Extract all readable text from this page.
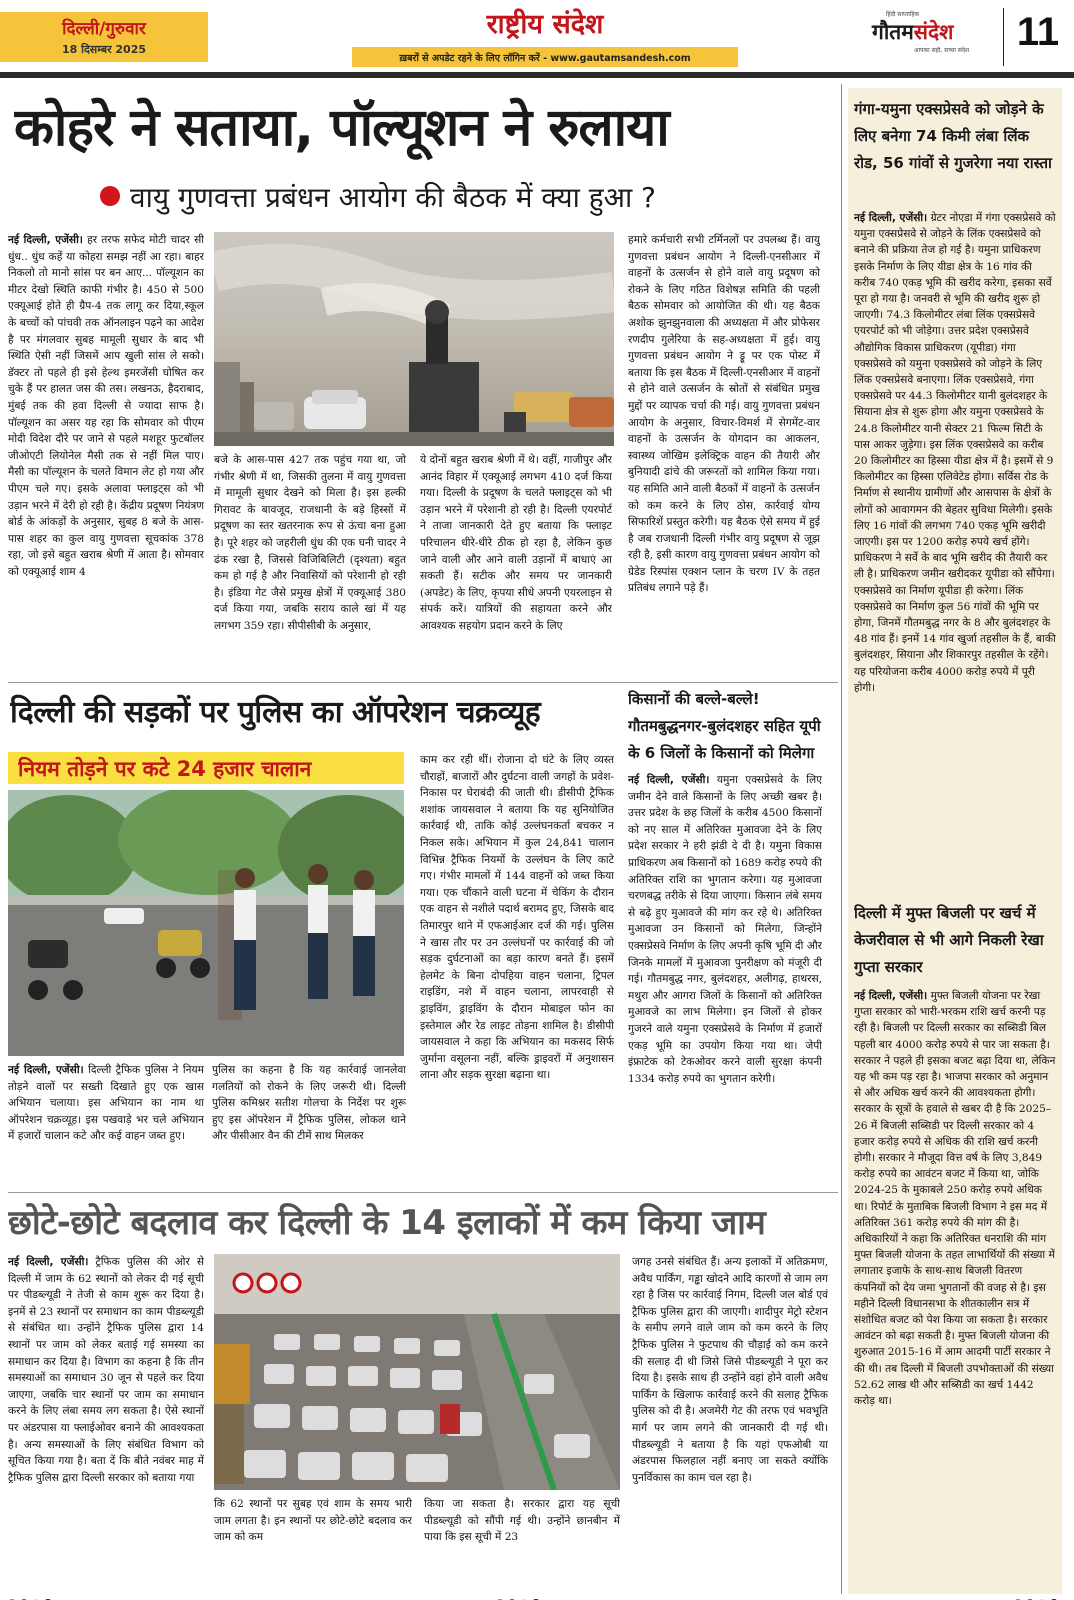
दिल्ली/गुरुवार
18 दिसम्बर 2025
राष्ट्रीय संदेश
ख़बरों से अपडेट रहने के लिए लॉगिन करें - www.gautamsandesh.com
हिंदी साप्ताहिक
गौतमसंदेश
आपका सही, सच्चा संदेश 11
कोहरे ने सताया, पॉल्यूशन ने रुलाया
वायु गुणवत्ता प्रबंधन आयोग की बैठक में क्या हुआ ?
नई दिल्ली, एजेंसी। हर तरफ सफेद मोटी चादर सी धुंध.. धुंध कहें या कोहरा समझ नहीं आ रहा। बाहर निकलो तो मानो सांस पर बन आए... पॉल्यूशन का मीटर देखो स्थिति काफी गंभीर है। 450 से 500 एक्यूआई होते ही ग्रैप-4 तक लागू कर दिया,स्कूल के बच्चों को पांचवी तक ऑनलाइन पढ़ने का आदेश है पर मंगलवार सुबह मामूली सुधार के बाद भी स्थिति ऐसी नहीं जिसमें आप खुली सांस ले सको। डॅक्टर तो पहले ही इसे हेल्थ इमरजेंसी घोषित कर चुके हैं पर हालत जस की तस। लखनऊ, हैदराबाद, मुंबई तक की हवा दिल्ली से ज्यादा साफ है। पॉल्यूशन का असर यह रहा कि सोमवार को पीएम मोदी विदेश दौरे पर जाने से पहले मशहूर फुटबॉलर जीओएटी लियोनेल मैसी तक से नहीं मिल पाए। मैसी का पॉल्यूशन के चलते विमान लेट हो गया और पीएम चले गए। इसके अलावा फ्लाइट्स को भी उड़ान भरने में देरी हो रही है। केंद्रीय प्रदूषण नियंत्रण बोर्ड के आंकड़ों के अनुसार, सुबह 8 बजे के आस-पास शहर का कुल वायु गुणवत्ता सूचकांक 378 रहा, जो इसे बहुत खराब श्रेणी में आता है। सोमवार को एक्यूआई शाम 4
बजे के आस-पास 427 तक पहुंच गया था, जो गंभीर श्रेणी में था, जिसकी तुलना में वायु गुणवत्ता में मामूली सुधार देखने को मिला है। इस हल्की गिरावट के बावजूद, राजधानी के बड़े हिस्सों में प्रदूषण का स्तर खतरनाक रूप से ऊंचा बना हुआ है। पूरे शहर को जहरीली धुंध की एक घनी चादर ने ढंक रखा है, जिससे विजिबिलिटी (दृश्यता) बहुत कम हो गई है और निवासियों को परेशानी हो रही है। इंडिया गेट जैसे प्रमुख क्षेत्रों में एक्यूआई 380 दर्ज किया गया, जबकि सराय काले खां में यह लगभग 359 रहा। सीपीसीबी के अनुसार,
ये दोनों बहुत खराब श्रेणी में थे। वहीं, गाजीपुर और आनंद विहार में एक्यूआई लगभग 410 दर्ज किया गया। दिल्ली के प्रदूषण के चलते फ्लाइट्स को भी उड़ान भरने में परेशानी हो रही है। दिल्ली एयरपोर्ट ने ताजा जानकारी देते हुए बताया कि फ्लाइट परिचालन धीरे-धीरे ठीक हो रहा है, लेकिन कुछ जाने वाली और आने वाली उड़ानों में बाधाएं आ सकती हैं। सटीक और समय पर जानकारी (अपडेट) के लिए, कृपया सीधे अपनी एयरलाइन से संपर्क करें। यात्रियों की सहायता करने और आवश्यक सहयोग प्रदान करने के लिए
हमारे कर्मचारी सभी टर्मिनलों पर उपलब्ध हैं। वायु गुणवत्ता प्रबंधन आयोग ने दिल्ली-एनसीआर में वाहनों के उत्सर्जन से होने वाले वायु प्रदूषण को रोकने के लिए गठित विशेषज्ञ समिति की पहली बैठक सोमवार को आयोजित की थी। यह बैठक अशोक झुनझुनवाला की अध्यक्षता में और प्रोफेसर रणदीप गुलेरिया के सह-अध्यक्षता में हुई। वायु गुणवत्ता प्रबंधन आयोग ने ड्रू पर एक पोस्ट में बताया कि इस बैठक में दिल्ली-एनसीआर में वाहनों से होने वाले उत्सर्जन के स्रोतों से संबंधित प्रमुख मुद्दों पर व्यापक चर्चा की गई। वायु गुणवत्ता प्रबंधन आयोग के अनुसार, विचार-विमर्श में सेगमेंट-वार वाहनों के उत्सर्जन के योगदान का आकलन, स्वास्थ्य जोखिम इलेक्ट्रिक वाहन की तैयारी और बुनियादी ढांचे की जरूरतों को शामिल किया गया। यह समिति आने वाली बैठकों में वाहनों के उत्सर्जन को कम करने के लिए ठोस, कार्रवाई योग्य सिफारिशें प्रस्तुत करेगी। यह बैठक ऐसे समय में हुई है जब राजधानी दिल्ली गंभीर वायु प्रदूषण से जूझ रही है, इसी कारण वायु गुणवत्ता प्रबंधन आयोग को ग्रेडेड रिस्पांस एक्शन प्लान के चरण IV के तहत प्रतिबंध लगाने पड़े हैं।
दिल्ली की सड़कों पर पुलिस का ऑपरेशन चक्रव्यूह
नियम तोड़ने पर कटे 24 हजार चालान
नई दिल्ली, एजेंसी। दिल्ली ट्रैफिक पुलिस ने नियम तोड़ने वालों पर सख्ती दिखाते हुए एक खास अभियान चलाया। इस अभियान का नाम था ऑपरेशन चक्रव्यूह। इस पखवाड़े भर चले अभियान में हजारों चालान कटे और कई वाहन जब्त हुए।
पुलिस का कहना है कि यह कार्रवाई जानलेवा गलतियों को रोकने के लिए जरूरी थी। दिल्ली पुलिस कमिश्नर सतीश गोलचा के निर्देश पर शुरू हुए इस ऑपरेशन में ट्रैफिक पुलिस, लोकल थाने और पीसीआर वैन की टीमें साथ मिलकर
काम कर रही थीं। रोजाना दो घंटे के लिए व्यस्त चौराहों, बाजारों और दुर्घटना वाली जगहों के प्रवेश-निकास पर घेराबंदी की जाती थी। डीसीपी ट्रैफिक शशांक जायसवाल ने बताया कि यह सुनियोजित कार्रवाई थी, ताकि कोई उल्लंघनकर्ता बचकर न निकल सके। अभियान में कुल 24,841 चालान विभिन्न ट्रैफिक नियमों के उल्लंघन के लिए काटे गए। गंभीर मामलों में 144 वाहनों को जब्त किया गया। एक चौंकाने वाली घटना में चेकिंग के दौरान एक वाहन से नशीले पदार्थ बरामद हुए, जिसके बाद तिमारपुर थाने में एफआईआर दर्ज की गई। पुलिस ने खास तौर पर उन उल्लंघनों पर कार्रवाई की जो सड़क दुर्घटनाओं का बड़ा कारण बनते हैं। इसमें हेलमेट के बिना दोपहिया वाहन चलाना, ट्रिपल राइडिंग, नशे में वाहन चलाना, लापरवाही से ड्राइविंग, ड्राइविंग के दौरान मोबाइल फोन का इस्तेमाल और रेड लाइट तोड़ना शामिल है। डीसीपी जायसवाल ने कहा कि अभियान का मकसद सिर्फ जुर्माना वसूलना नहीं, बल्कि ड्राइवरों में अनुशासन लाना और सड़क सुरक्षा बढ़ाना था।
किसानों की बल्ले-बल्ले! गौतमबुद्धनगर-बुलंदशहर सहित यूपी के 6 जिलों के किसानों को मिलेगा
नई दिल्ली, एजेंसी। यमुना एक्सप्रेसवे के लिए जमीन देने वाले किसानों के लिए अच्छी खबर है। उत्तर प्रदेश के छह जिलों के करीब 4500 किसानों को नए साल में अतिरिक्त मुआवजा देने के लिए प्रदेश सरकार ने हरी झंडी दे दी है। यमुना विकास प्राधिकरण अब किसानों को 1689 करोड़ रुपये की अतिरिक्त राशि का भुगतान करेगा। यह मुआवजा चरणबद्ध तरीके से दिया जाएगा। किसान लंबे समय से बढ़े हुए मुआवजे की मांग कर रहे थे। अतिरिक्त मुआवजा उन किसानों को मिलेगा, जिन्होंने एक्सप्रेसवे निर्माण के लिए अपनी कृषि भूमि दी और जिनके मामलों में मुआवजा पुनरीक्षण को मंजूरी दी गई। गौतमबुद्ध नगर, बुलंदशहर, अलीगढ़, हाथरस, मथुरा और आगरा जिलों के किसानों को अतिरिक्त मुआवजे का लाभ मिलेगा। इन जिलों से होकर गुजरने वाले यमुना एक्सप्रेसवे के निर्माण में हजारों एकड़ भूमि का उपयोग किया गया था। जेपी इंफ्राटेक को टेकओवर करने वाली सुरक्षा कंपनी 1334 करोड़ रुपये का भुगतान करेगी।
छोटे-छोटे बदलाव कर दिल्ली के 14 इलाकों में कम किया जाम
नई दिल्ली, एजेंसी। ट्रैफिक पुलिस की ओर से दिल्ली में जाम के 62 स्थानों को लेकर दी गई सूची पर पीडब्ल्यूडी ने तेजी से काम शुरू कर दिया है। इनमें से 23 स्थानों पर समाधान का काम पीडब्ल्यूडी से संबंधित था। उन्होंने ट्रैफिक पुलिस द्वारा 14 स्थानों पर जाम को लेकर बताई गई समस्या का समाधान कर दिया है। विभाग का कहना है कि तीन समस्याओं का समाधान 30 जून से पहले कर दिया जाएगा, जबकि चार स्थानों पर जाम का समाधान करने के लिए लंबा समय लग सकता है। ऐसे स्थानों पर अंडरपास या फ्लाईओवर बनाने की आवश्यकता है। अन्य समस्याओं के लिए संबंधित विभाग को सूचित किया गया है। बता दें कि बीते नवंबर माह में ट्रैफिक पुलिस द्वारा दिल्ली सरकार को बताया गया
कि 62 स्थानों पर सुबह एवं शाम के समय भारी जाम लगता है। इन स्थानों पर छोटे-छोटे बदलाव कर जाम को कम
किया जा सकता है। सरकार द्वारा यह सूची पीडब्ल्यूडी को सौंपी गई थी। उन्होंने छानबीन में पाया कि इस सूची में 23
जगह उनसे संबंधित हैं। अन्य इलाकों में अतिक्रमण, अवैध पार्किंग, गड्ढा खोदने आदि कारणों से जाम लग रहा है जिस पर कार्रवाई निगम, दिल्ली जल बोर्ड एवं ट्रैफिक पुलिस द्वारा की जाएगी। शादीपुर मेट्रो स्टेशन के समीप लगने वाले जाम को कम करने के लिए ट्रैफिक पुलिस ने फुटपाथ की चौड़ाई को कम करने की सलाह दी थी जिसे जिसे पीडब्ल्यूडी ने पूरा कर दिया है। इसके साथ ही उन्होंने वहां होने वाली अवैध पार्किंग के खिलाफ कार्रवाई करने की सलाह ट्रैफिक पुलिस को दी है। अजमेरी गेट की तरफ एवं भवभूति मार्ग पर जाम लगने की जानकारी दी गई थी। पीडब्ल्यूडी ने बताया है कि यहां एफओबी या अंडरपास फिलहाल नहीं बनाए जा सकते क्योंकि पुनर्विकास का काम चल रहा है।
गंगा-यमुना एक्सप्रेसवे को जोड़ने के लिए बनेगा 74 किमी लंबा लिंक रोड, 56 गांवों से गुजरेगा नया रास्ता
नई दिल्ली, एजेंसी। ग्रेटर नोएडा में गंगा एक्सप्रेसवे को यमुना एक्सप्रेसवे से जोड़ने के लिंक एक्सप्रेसवे को बनाने की प्रक्रिया तेज हो गई है। यमुना प्राधिकरण इसके निर्माण के लिए यीडा क्षेत्र के 16 गांव की करीब 740 एकड़ भूमि की खरीद करेगा, इसका सर्वे पूरा हो गया है। जनवरी से भूमि की खरीद शुरू हो जाएगी। 74.3 किलोमीटर लंबा लिंक एक्सप्रेसवे एयरपोर्ट को भी जोड़ेगा। उत्तर प्रदेश एक्सप्रेसवे औद्योगिक विकास प्राधिकरण (यूपीडा) गंगा एक्सप्रेसवे को यमुना एक्सप्रेसवे को जोड़ने के लिए लिंक एक्सप्रेसवे बनाएगा। लिंक एक्सप्रेसवे, गंगा एक्सप्रेसवे पर 44.3 किलोमीटर यानी बुलंदशहर के सियाना क्षेत्र से शुरू होगा और यमुना एक्सप्रेसवे के 24.8 किलोमीटर यानी सेक्टर 21 फिल्म सिटी के पास आकर जुड़ेगा। इस लिंक एक्सप्रेसवे का करीब 20 किलोमीटर का हिस्सा यीडा क्षेत्र में है। इसमें से 9 किलोमीटर का हिस्सा एलिवेटेड होगा। सर्विस रोड के निर्माण से स्थानीय ग्रामीणों और आसपास के क्षेत्रों के लोगों को आवागमन की बेहतर सुविधा मिलेगी। इसके लिए 16 गांवों की लगभग 740 एकड़ भूमि खरीदी जाएगी। इस पर 1200 करोड़ रुपये खर्च होंगे। प्राधिकरण ने सर्वे के बाद भूमि खरीद की तैयारी कर ली है। प्राधिकरण जमीन खरीदकर यूपीडा को सौंपेगा। एक्सप्रेसवे का निर्माण यूपीडा ही करेगा। लिंक एक्सप्रेसवे का निर्माण कुल 56 गांवों की भूमि पर होगा, जिनमें गौतमबुद्ध नगर के 8 और बुलंदशहर के 48 गांव हैं। इनमें 14 गांव खुर्जा तहसील के हैं, बाकी बुलंदशहर, सियाना और शिकारपुर तहसील के रहेंगे। यह परियोजना करीब 4000 करोड़ रुपये में पूरी होगी।
दिल्ली में मुफ्त बिजली पर खर्च में केजरीवाल से भी आगे निकली रेखा गुप्ता सरकार
नई दिल्ली, एजेंसी। मुफ्त बिजली योजना पर रेखा गुप्ता सरकार को भारी-भरकम राशि खर्च करनी पड़ रही है। बिजली पर दिल्ली सरकार का सब्सिडी बिल पहली बार 4000 करोड़ रुपये से पार जा सकता है। सरकार ने पहले ही इसका बजट बढ़ा दिया था, लेकिन यह भी कम पड़ रहा है। भाजपा सरकार को अनुमान से और अधिक खर्च करने की आवश्यकता होगी। सरकार के सूत्रों के हवाले से खबर दी है कि 2025–26 में बिजली सब्सिडी पर दिल्ली सरकार को 4 हजार करोड़ रुपये से अधिक की राशि खर्च करनी होगी। सरकार ने मौजूदा वित्त वर्ष के लिए 3,849 करोड़ रुपये का आवंटन बजट में किया था, जोकि 2024-25 के मुकाबले 250 करोड़ रुपये अधिक था। रिपोर्ट के मुताबिक बिजली विभाग ने इस मद में अतिरिक्त 361 करोड़ रुपये की मांग की है। अधिकारियों ने कहा कि अतिरिक्त धनराशि की मांग मुफ्त बिजली योजना के तहत लाभार्थियों की संख्या में लगातार इजाफे के साथ-साथ बिजली वितरण कंपनियों को देय जमा भुगतानों की वजह से है। इस महीने दिल्ली विधानसभा के शीतकालीन सत्र में संशोधित बजट को पेश किया जा सकता है। सरकार आवंटन को बढ़ा सकती है। मुफ्त बिजली योजना की शुरुआत 2015-16 में आम आदमी पार्टी सरकार ने की थी। तब दिल्ली में बिजली उपभोक्ताओं की संख्या 52.62 लाख थी और सब्सिडी का खर्च 1442 करोड़ था।
